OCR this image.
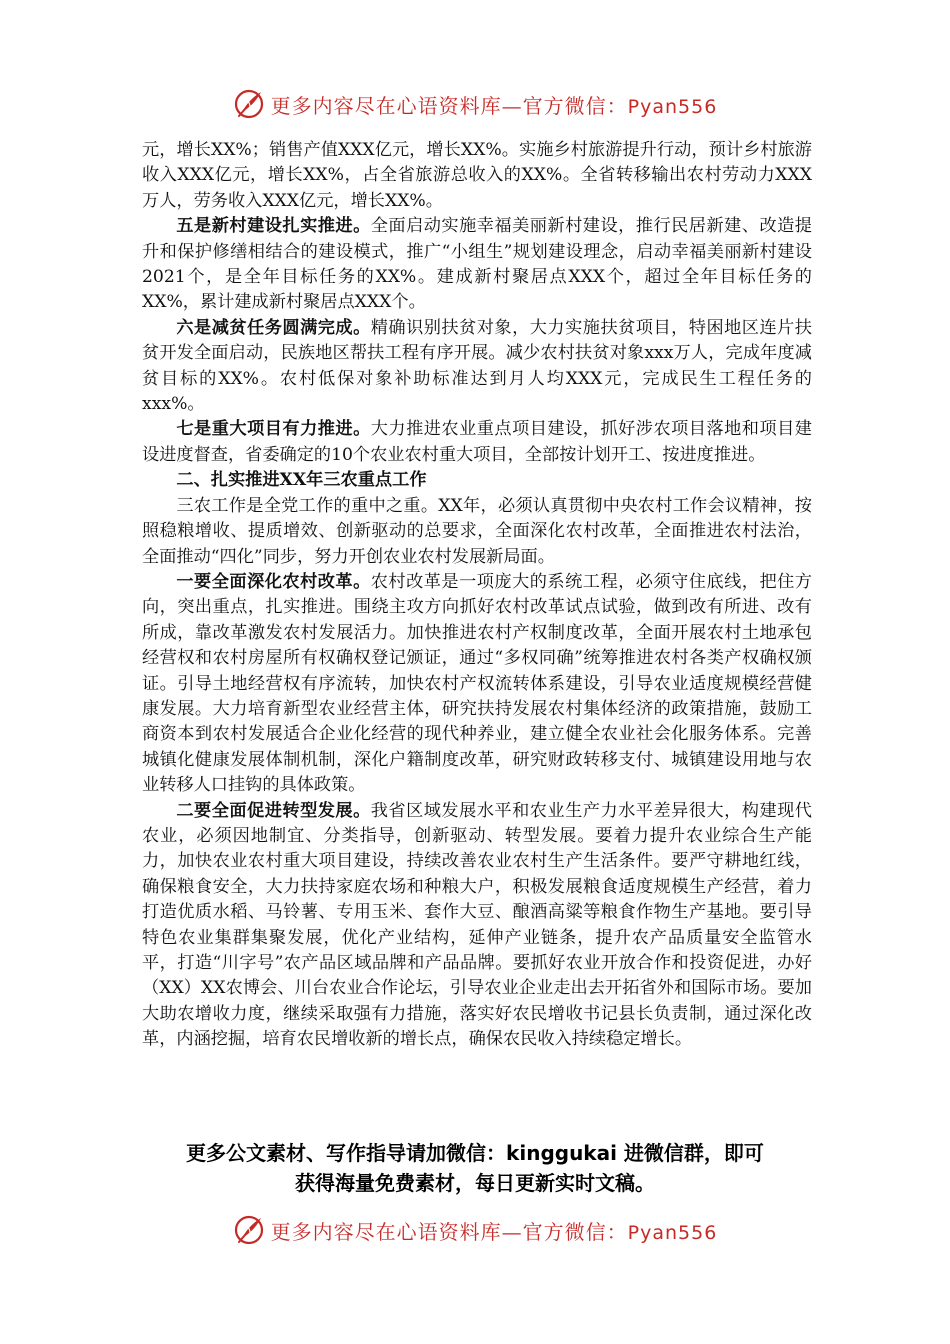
更多内容尽在心语资料库—官方微信：Pyan556

元，增长XX%；销售产值XXX亿元，增长XX%。实施乡村旅游提升行动，预计乡村旅游收入XXX亿元，增长XX%，占全省旅游总收入的XX%。全省转移输出农村劳动力XXX万人，劳务收入XXX亿元，增长XX%。

五是新村建设扎实推进。全面启动实施幸福美丽新村建设，推行民居新建、改造提升和保护修缮相结合的建设模式，推广“小组生”规划建设理念，启动幸福美丽新村建设2021个，是全年目标任务的XX%。建成新村聚居点XXX个，超过全年目标任务的XX%，累计建成新村聚居点XXX个。

六是减贫任务圆满完成。精确识别扶贫对象，大力实施扶贫项目，特困地区连片扶贫开发全面启动，民族地区帮扶工程有序开展。减少农村扶贫对象xxx万人，完成年度减贫目标的XX%。农村低保对象补助标准达到月人均XXX元，完成民生工程任务的xxx%。

七是重大项目有力推进。大力推进农业重点项目建设，抓好涉农项目落地和项目建设进度督查，省委确定的10个农业农村重大项目，全部按计划开工、按进度推进。

二、扎实推进XX年三农重点工作

三农工作是全党工作的重中之重。XX年，必须认真贯彻中央农村工作会议精神，按照稳粮增收、提质增效、创新驱动的总要求，全面深化农村改革，全面推进农村法治，全面推动“四化”同步，努力开创农业农村发展新局面。

一要全面深化农村改革。农村改革是一项庞大的系统工程，必须守住底线，把住方向，突出重点，扎实推进。围绕主攻方向抓好农村改革试点试验，做到改有所进、改有所成，靠改革激发农村发展活力。加快推进农村产权制度改革，全面开展农村土地承包经营权和农村房屋所有权确权登记颁证，通过“多权同确”统筹推进农村各类产权确权颁证。引导土地经营权有序流转，加快农村产权流转体系建设，引导农业适度规模经营健康发展。大力培育新型农业经营主体，研究扶持发展农村集体经济的政策措施，鼓励工商资本到农村发展适合企业化经营的现代种养业，建立健全农业社会化服务体系。完善城镇化健康发展体制机制，深化户籍制度改革，研究财政转移支付、城镇建设用地与农业转移人口挂钩的具体政策。

二要全面促进转型发展。我省区域发展水平和农业生产力水平差异很大，构建现代农业，必须因地制宜、分类指导，创新驱动、转型发展。要着力提升农业综合生产能力，加快农业农村重大项目建设，持续改善农业农村生产生活条件。要严守耕地红线，确保粮食安全，大力扶持家庭农场和种粮大户，积极发展粮食适度规模生产经营，着力打造优质水稻、马铃薯、专用玉米、套作大豆、酿酒高粱等粮食作物生产基地。要引导特色农业集群集聚发展，优化产业结构，延伸产业链条，提升农产品质量安全监管水平，打造“川字号”农产品区域品牌和产品品牌。要抓好农业开放合作和投资促进，办好（XX）XX农博会、川台农业合作论坛，引导农业企业走出去开拓省外和国际市场。要加大助农增收力度，继续采取强有力措施，落实好农民增收书记县长负责制，通过深化改革，内涵挖掘，培育农民增收新的增长点，确保农民收入持续稳定增长。

更多公文素材、写作指导请加微信：kinggukai 进微信群，即可
获得海量免费素材，每日更新实时文稿。
更多内容尽在心语资料库—官方微信：Pyan556
